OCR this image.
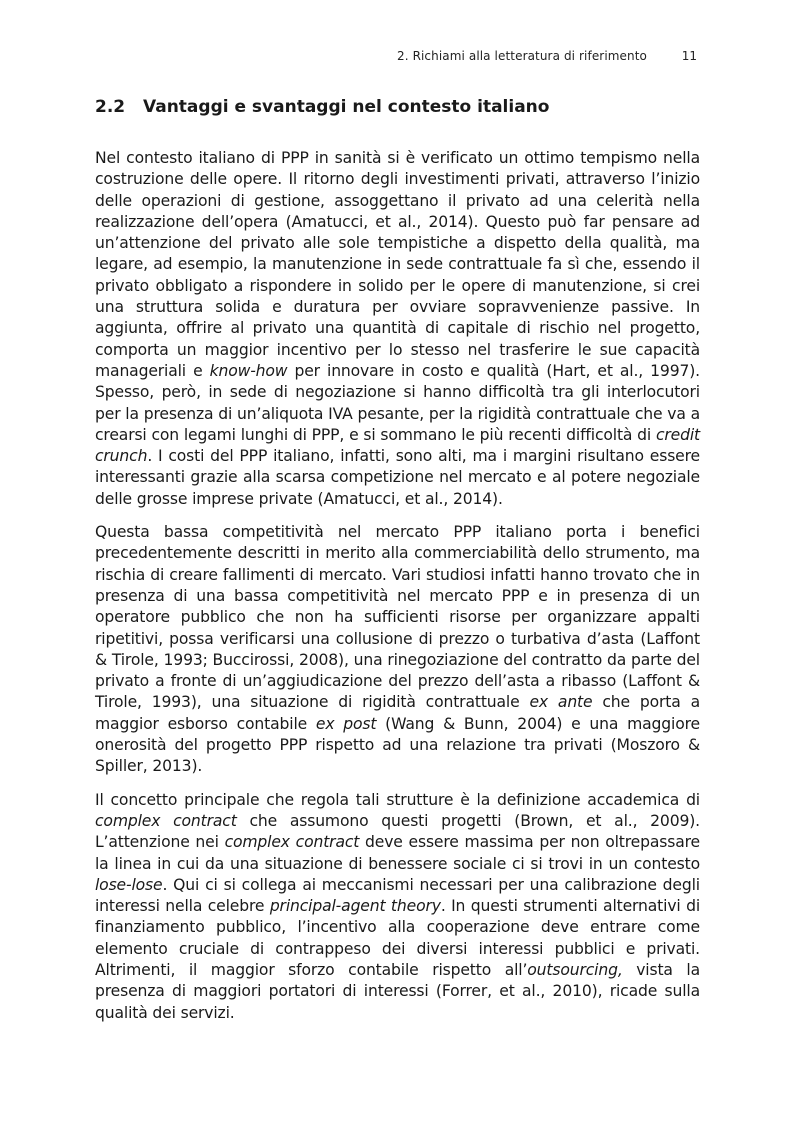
2. Richiami alla letteratura di riferimento	11
2.2 Vantaggi e svantaggi nel contesto italiano

Nel contesto italiano di PPP in sanità si è verificato un ottimo tempismo nella costruzione delle opere. Il ritorno degli investimenti privati, attraverso l’inizio delle operazioni di gestione, assoggettano il privato ad una celerità nella realizzazione dell’opera (Amatucci, et al., 2014). Questo può far pensare ad un’attenzione del privato alle sole tempistiche a dispetto della qualità, ma legare, ad esempio, la manutenzione in sede contrattuale fa sì che, essendo il privato obbligato a rispondere in solido per le opere di manutenzione, si crei una struttura solida e duratura per ovviare sopravvenienze passive. In aggiunta, offrire al privato una quantità di capitale di rischio nel progetto, comporta un maggior incentivo per lo stesso nel trasferire le sue capacità manageriali e know-how per innovare in costo e qualità (Hart, et al., 1997). Spesso, però, in sede di negoziazione si hanno difficoltà tra gli interlocutori per la presenza di un’aliquota IVA pesante, per la rigidità contrattuale che va a crearsi con legami lunghi di PPP, e si sommano le più recenti difficoltà di credit crunch. I costi del PPP italiano, infatti, sono alti, ma i margini risultano essere interessanti grazie alla scarsa competizione nel mercato e al potere negoziale delle grosse imprese private (Amatucci, et al., 2014).

Questa bassa competitività nel mercato PPP italiano porta i benefici precedentemente descritti in merito alla commerciabilità dello strumento, ma rischia di creare fallimenti di mercato. Vari studiosi infatti hanno trovato che in presenza di una bassa competitività nel mercato PPP e in presenza di un operatore pubblico che non ha sufficienti risorse per organizzare appalti ripetitivi, possa verificarsi una collusione di prezzo o turbativa d’asta (Laffont & Tirole, 1993; Buccirossi, 2008), una rinegoziazione del contratto da parte del privato a fronte di un’aggiudicazione del prezzo dell’asta a ribasso (Laffont & Tirole, 1993), una situazione di rigidità contrattuale ex ante che porta a maggior esborso contabile ex post (Wang & Bunn, 2004) e una maggiore onerosità del progetto PPP rispetto ad una relazione tra privati (Moszoro & Spiller, 2013).

Il concetto principale che regola tali strutture è la definizione accademica di complex contract che assumono questi progetti (Brown, et al., 2009). L’attenzione nei complex contract deve essere massima per non oltrepassare la linea in cui da una situazione di benessere sociale ci si trovi in un contesto lose-lose. Qui ci si collega ai meccanismi necessari per una calibrazione degli interessi nella celebre principal-agent theory. In questi strumenti alternativi di finanziamento pubblico, l’incentivo alla cooperazione deve entrare come elemento cruciale di contrappeso dei diversi interessi pubblici e privati. Altrimenti, il maggior sforzo contabile rispetto all’outsourcing, vista la presenza di maggiori portatori di interessi (Forrer, et al., 2010), ricade sulla qualità dei servizi.
